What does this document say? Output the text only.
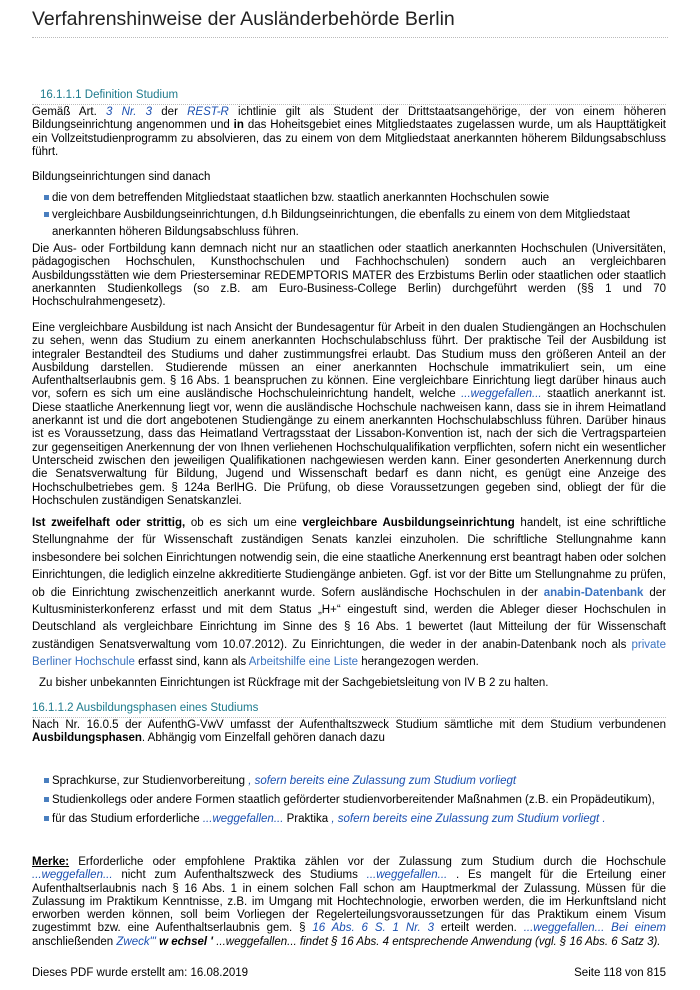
Verfahrenshinweise der Ausländerbehörde Berlin
16.1.1.1 Definition Studium

Gemäß Art. 3 Nr. 3 der REST-R ichtlinie gilt als Student der Drittstaatsangehörige, der von einem höheren Bildungseinrichtung angenommen und in das Hoheitsgebiet eines Mitgliedstaates zugelassen wurde, um als Haupttätigkeit ein Vollzeitstudienprogramm zu absolvieren, das zu einem von dem Mitgliedstaat anerkannten höherem Bildungsabschluss führt.

Bildungseinrichtungen sind danach

die von dem betreffenden Mitgliedstaat staatlichen bzw. staatlich anerkannten Hochschulen sowie
vergleichbare Ausbildungseinrichtungen, d.h Bildungseinrichtungen, die ebenfalls zu einem von dem Mitgliedstaat anerkannten höheren Bildungsabschluss führen.

Die Aus- oder Fortbildung kann demnach nicht nur an staatlichen oder staatlich anerkannten Hochschulen (Universitäten, pädagogischen Hochschulen, Kunsthochschulen und Fachhochschulen) sondern auch an vergleichbaren Ausbildungsstätten wie dem Priesterseminar REDEMPTORIS MATER des Erzbistums Berlin oder staatlichen oder staatlich anerkannten Studienkollegs (so z.B. am Euro-Business-College Berlin) durchgeführt werden (§§ 1 und 70 Hochschulrahmengesetz).

Eine vergleichbare Ausbildung ist nach Ansicht der Bundesagentur für Arbeit in den dualen Studiengängen an Hochschulen zu sehen, wenn das Studium zu einem anerkannten Hochschulabschluss führt. Der praktische Teil der Ausbildung ist integraler Bestandteil des Studiums und daher zustimmungsfrei erlaubt. Das Studium muss den größeren Anteil an der Ausbildung darstellen. Studierende müssen an einer anerkannten Hochschule immatrikuliert sein, um eine Aufenthaltserlaubnis gem. § 16 Abs. 1 beanspruchen zu können. Eine vergleichbare Einrichtung liegt darüber hinaus auch vor, sofern es sich um eine ausländische Hochschuleinrichtung handelt, welche ...weggefallen... staatlich anerkannt ist. Diese staatliche Anerkennung liegt vor, wenn die ausländische Hochschule nachweisen kann, dass sie in ihrem Heimatland anerkannt ist und die dort angebotenen Studiengänge zu einem anerkannten Hochschulabschluss führen. Darüber hinaus ist es Voraussetzung, dass das Heimatland Vertragsstaat der Lissabon-Konvention ist, nach der sich die Vertragsparteien zur gegenseitigen Anerkennung der von Ihnen verliehenen Hochschulqualifikation verpflichten, sofern nicht ein wesentlicher Unterscheid zwischen den jeweiligen Qualifikationen nachgewiesen werden kann. Einer gesonderten Anerkennung durch die Senatsverwaltung für Bildung, Jugend und Wissenschaft bedarf es dann nicht, es genügt eine Anzeige des Hochschulbetriebes gem. § 124a BerlHG. Die Prüfung, ob diese Voraussetzungen gegeben sind, obliegt der für die Hochschulen zuständigen Senatskanzlei.

Ist zweifelhaft oder strittig, ob es sich um eine vergleichbare Ausbildungseinrichtung handelt, ist eine schriftliche Stellungnahme der für Wissenschaft zuständigen Senats kanzlei einzuholen. Die schriftliche Stellungnahme kann insbesondere bei solchen Einrichtungen notwendig sein, die eine staatliche Anerkennung erst beantragt haben oder solchen Einrichtungen, die lediglich einzelne akkreditierte Studiengänge anbieten. Ggf. ist vor der Bitte um Stellungnahme zu prüfen, ob die Einrichtung zwischenzeitlich anerkannt wurde. Sofern ausländische Hochschulen in der anabin-Datenbank der Kultusministerkonferenz erfasst und mit dem Status „H+“ eingestuft sind, werden die Ableger dieser Hochschulen in Deutschland als vergleichbare Einrichtung im Sinne des § 16 Abs. 1 bewertet (laut Mitteilung der für Wissenschaft zuständigen Senatsverwaltung vom 10.07.2012). Zu Einrichtungen, die weder in der anabin-Datenbank noch als private Berliner Hochschule erfasst sind, kann als Arbeitshilfe eine Liste herangezogen werden.

Zu bisher unbekannten Einrichtungen ist Rückfrage mit der Sachgebietsleitung von IV B 2 zu halten.

16.1.1.2 Ausbildungsphasen eines Studiums

Nach Nr. 16.0.5 der AufenthG-VwV umfasst der Aufenthaltszweck Studium sämtliche mit dem Studium verbundenen Ausbildungsphasen. Abhängig vom Einzelfall gehören danach dazu

Sprachkurse, zur Studienvorbereitung , sofern bereits eine Zulassung zum Studium vorliegt
Studienkollegs oder andere Formen staatlich geförderter studienvorbereitender Maßnahmen (z.B. ein Propädeutikum),
für das Studium erforderliche ...weggefallen... Praktika , sofern bereits eine Zulassung zum Studium vorliegt .

Merke: Erforderliche oder empfohlene Praktika zählen vor der Zulassung zum Studium durch die Hochschule ...weggefallen... nicht zum Aufenthaltszweck des Studiums ...weggefallen... . Es mangelt für die Erteilung einer Aufenthaltserlaubnis nach § 16 Abs. 1 in einem solchen Fall schon am Hauptmerkmal der Zulassung. Müssen für die Zulassung im Praktikum Kenntnisse, z.B. im Umgang mit Hochtechnologie, erworben werden, die im Herkunftsland nicht erworben werden können, soll beim Vorliegen der Regelerteilungsvoraussetzungen für das Praktikum einem Visum zugestimmt bzw. eine Aufenthaltserlaubnis gem. § 16 Abs. 6 S. 1 Nr. 3 erteilt werden. ...weggefallen... Bei einem anschließenden Zweck"' w echsel ' ...weggefallen... findet § 16 Abs. 4 entsprechende Anwendung (vgl. § 16 Abs. 6 Satz 3).

Dieses PDF wurde erstellt am: 16.08.2019	Seite 118 von 815
